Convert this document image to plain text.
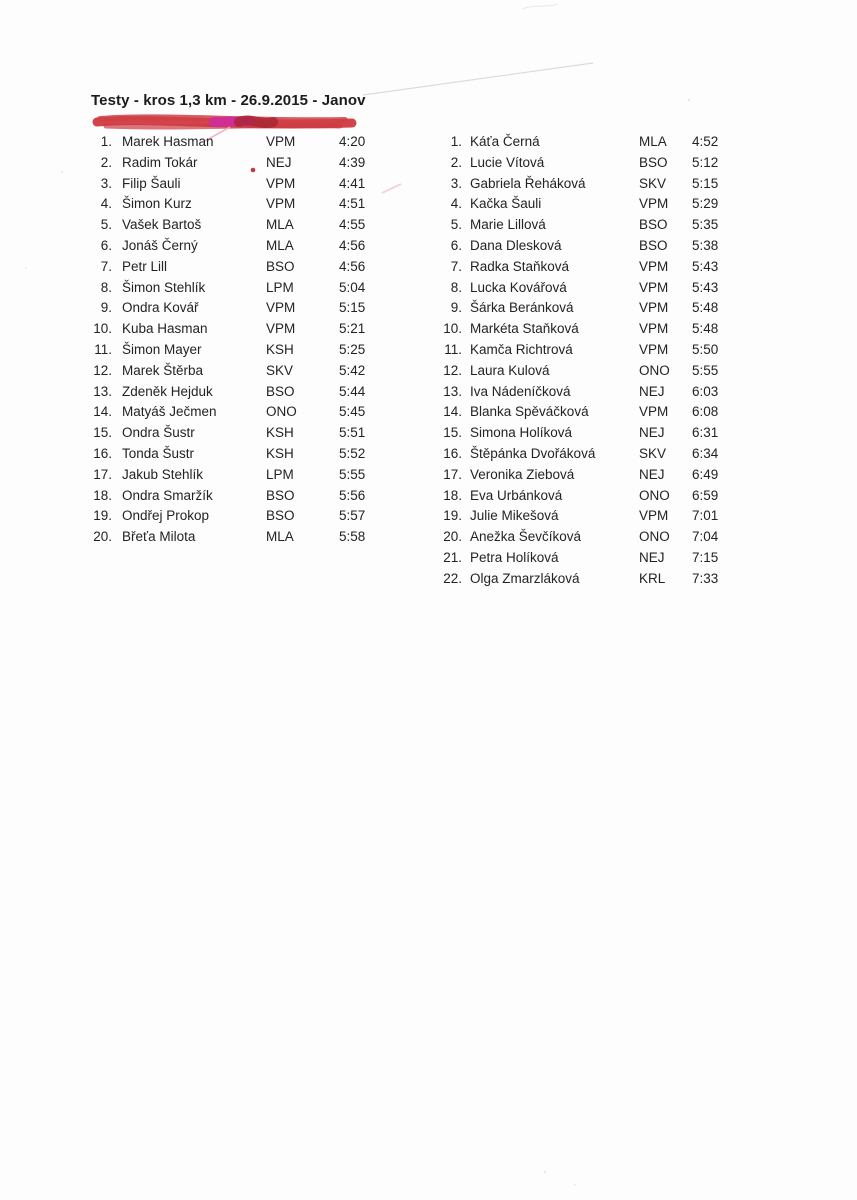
Testy - kros 1,3 km - 26.9.2015 - Janov
1. Marek Hasman	VPM	4:20
2. Radim Tokár	NEJ	4:39
3. Filip Šauli	VPM	4:41
4. Šimon Kurz	VPM	4:51
5. Vašek Bartoš	MLA	4:55
6. Jonáš Černý	MLA	4:56
7. Petr Lill	BSO	4:56
8. Šimon Stehlík	LPM	5:04
9. Ondra Kovář	VPM	5:15
10. Kuba Hasman	VPM	5:21
11. Šimon Mayer	KSH	5:25
12. Marek Štěrba	SKV	5:42
13. Zdeněk Hejduk	BSO	5:44
14. Matyáš Ječmen	ONO	5:45
15. Ondra Šustr	KSH	5:51
16. Tonda Šustr	KSH	5:52
17. Jakub Stehlík	LPM	5:55
18. Ondra Smaržík	BSO	5:56
19. Ondřej Prokop	BSO	5:57
20. Břeťa Milota	MLA	5:58
1. Káťa Černá	MLA	4:52
2. Lucie Vítová	BSO	5:12
3. Gabriela Řeháková	SKV	5:15
4. Kačka Šauli	VPM	5:29
5. Marie Lillová	BSO	5:35
6. Dana Dlesková	BSO	5:38
7. Radka Staňková	VPM	5:43
8. Lucka Kovářová	VPM	5:43
9. Šárka Beránková	VPM	5:48
10. Markéta Staňková	VPM	5:48
11. Kamča Richtrová	VPM	5:50
12. Laura Kulová	ONO	5:55
13. Iva Nádeníčková	NEJ	6:03
14. Blanka Spěváčková	VPM	6:08
15. Simona Holíková	NEJ	6:31
16. Štěpánka Dvořáková	SKV	6:34
17. Veronika Ziebová	NEJ	6:49
18. Eva Urbánková	ONO	6:59
19. Julie Mikešová	VPM	7:01
20. Anežka Ševčíková	ONO	7:04
21. Petra Holíková	NEJ	7:15
22. Olga Zmarzláková	KRL	7:33
